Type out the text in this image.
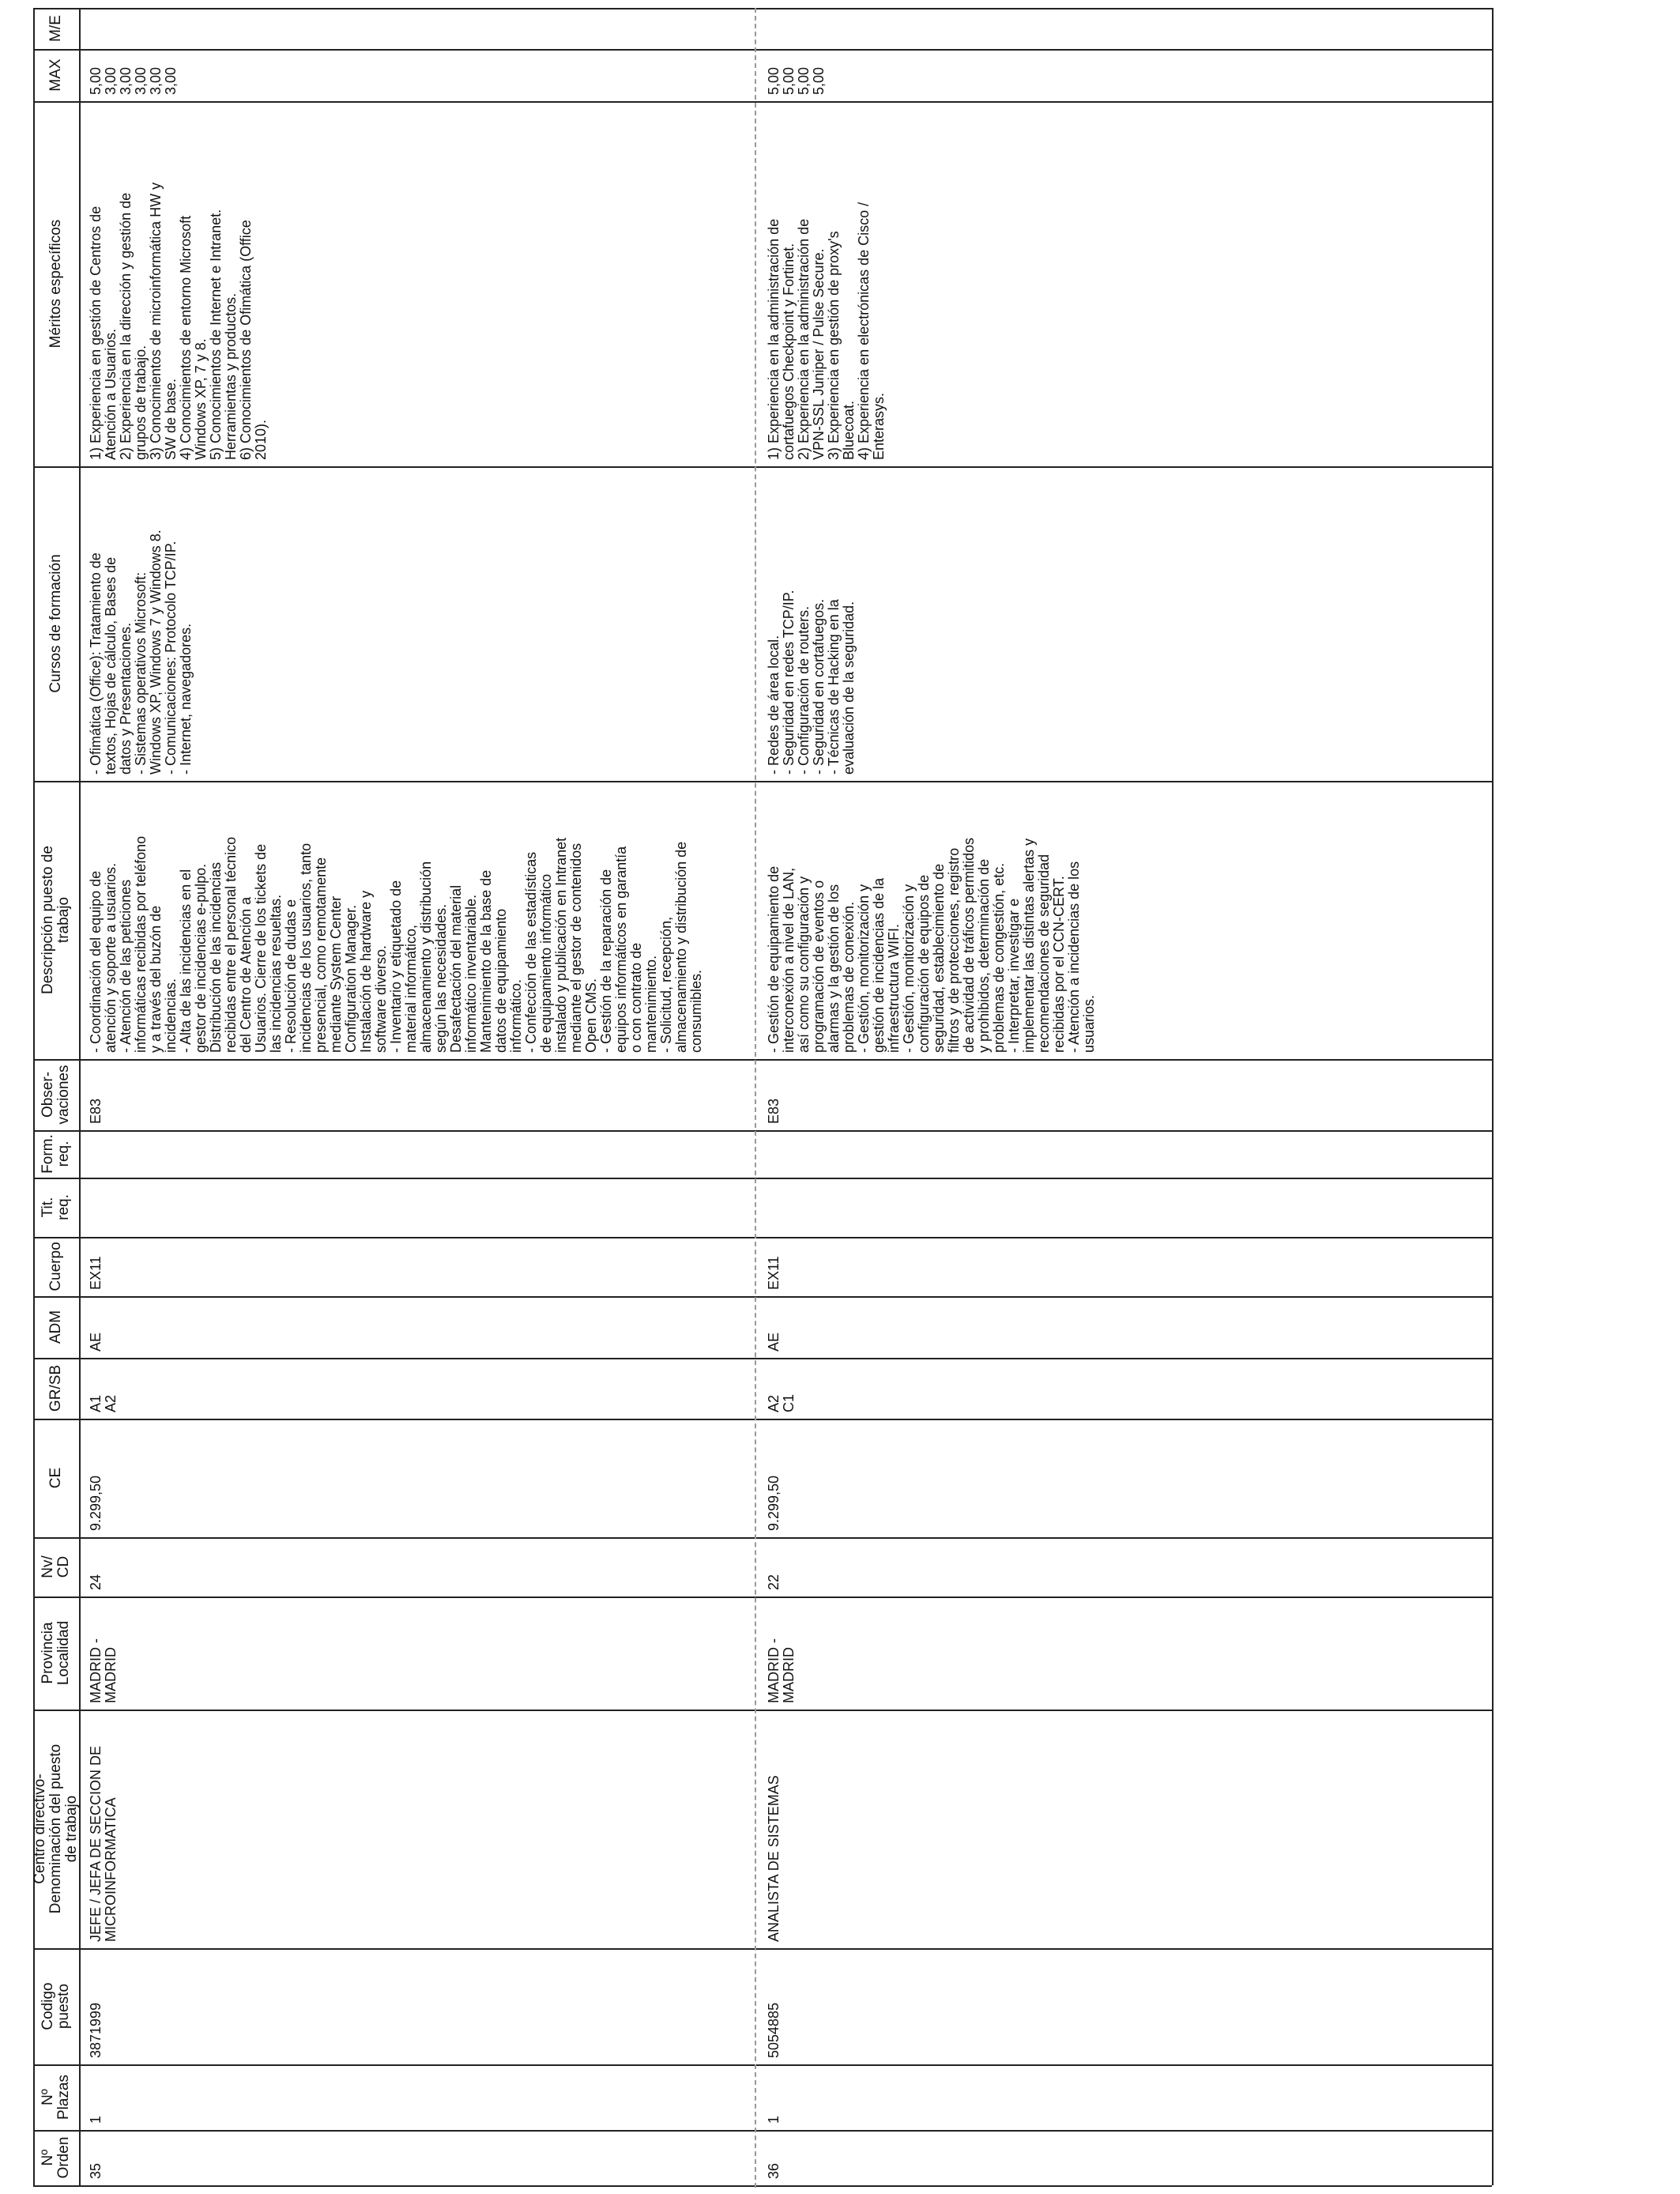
M/E
MAX
Méritos específicos
Cursos de formación
Descripción puesto de
trabajo
Obser-
vaciones
Form.
req.
Tit.
req.
Cuerpo
ADM
GR/SB
CE
Nv/
CD
Provincia
Localidad
Centro directivo-
Denominación del puesto
de trabajo
Codigo
puesto
Nº
Plazas
Nº
Orden
5,00
3,00
3,00
3,00
3,00
3,00
1) Experiencia en gestión de Centros de
Atención a Usuarios.
2) Experiencia en la dirección y gestión de
grupos de trabajo.
3) Conocimientos de microinformática HW y
SW de base.
4) Conocimientos de entorno Microsoft
Windows XP, 7 y 8.
5) Conocimientos de Internet e Intranet.
Herramientas y productos.
6) Conocimientos de Ofimática (Office
2010).
- Ofimática (Office): Tratamiento de
textos, Hojas de cálculo, Bases de
datos y Presentaciones.
- Sistemas operativos Microsoft:
Windows XP, Windows 7 y Windows 8.
- Comunicaciones: Protocolo TCP/IP.
- Internet, navegadores.
- Coordinación del equipo de
atención y soporte a usuarios.
- Atención de las peticiones
informáticas recibidas por teléfono
y a través del buzón de
incidencias.
- Alta de las incidencias en el
gestor de incidencias e-pulpo.
Distribución de las incidencias
recibidas entre el personal técnico
del Centro de Atención a
Usuarios. Cierre de los tickets de
las incidencias resueltas.
- Resolución de dudas e
incidencias de los usuarios, tanto
presencial, como remotamente
mediante System Center
Configuration Manager.
Instalación de hardware y
software diverso.
- Inventario y etiquetado de
material informático,
almacenamiento y distribución
según las necesidades.
Desafectación del material
informático inventariable.
Mantenimiento de la base de
datos de equipamiento
informático.
- Confección de las estadísticas
de equipamiento informático
instalado y publicación en Intranet
mediante el gestor de contenidos
Open CMS.
- Gestión de la reparación de
equipos informáticos en garantía
o con contrato de
mantenimiento.
- Solicitud, recepción,
almacenamiento y distribución de
consumibles.
E83
EX11
AE
A1
A2
9.299,50
24
MADRID -
MADRID
JEFE / JEFA DE SECCION DE
MICROINFORMATICA
3871999
1
35
5,00
5,00
5,00
5,00
1) Experiencia en la administración de
cortafuegos Checkpoint y Fortinet.
2) Experiencia en la administración de
VPN-SSL Juniper / Pulse Secure.
3) Experiencia en gestión de proxy's
Bluecoat.
4) Experiencia en electrónicas de Cisco /
Enterasys.
- Redes de área local.
- Seguridad en redes TCP/IP.
- Configuración de routers.
- Seguridad en cortafuegos.
- Técnicas de Hacking en la
evaluación de la seguridad.
- Gestión de equipamiento de
interconexión a nivel de LAN,
así como su configuración y
programación de eventos o
alarmas y la gestión de los
problemas de conexión.
- Gestión, monitorización y
gestión de incidencias de la
infraestructura WIFI.
- Gestión, monitorización y
configuración de equipos de
seguridad, establecimiento de
filtros y de protecciones, registro
de actividad de tráficos permitidos
y prohibidos, determinación de
problemas de congestión, etc.
- Interpretar, investigar e
implementar las distintas alertas y
recomendaciones de seguridad
recibidas por el CCN-CERT.
- Atención a incidencias de los
usuarios.
E83
EX11
AE
A2
C1
9.299,50
22
MADRID -
MADRID
ANALISTA DE SISTEMAS
5054885
1
36
